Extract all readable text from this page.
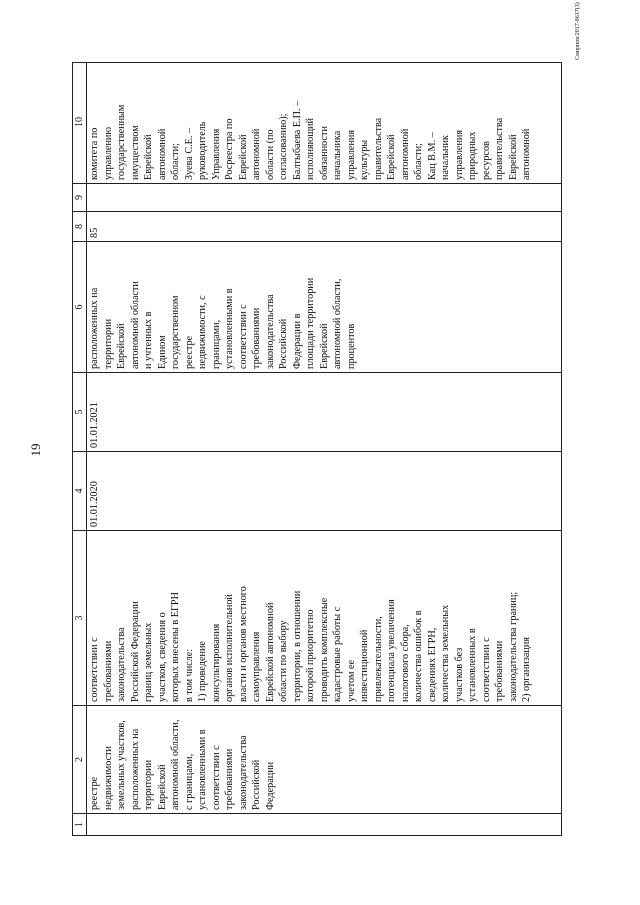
19
Смирнов/2017-8617(3)
1
2
3
4
5
6
8
9
10
реестре недвижимости земельных участков, расположенных на территории Еврейской автономной области, с границами, установленными в соответствии с требованиями законодательства Российской Федерации
соответствии с требованиями законодательства Российской Федерации границ земельных участков, сведения о которых внесены в ЕГРН в том числе: 1) проведение консультирования органов исполнительной власти и органов местного самоуправления Еврейской автономной области по выбору территории, в отношении которой приоритетно проводить комплексные кадастровые работы с учетом ее инвестиционной привлекательности, потенциала увеличения налогового сбора, количества ошибок в сведениях ЕГРН, количества земельных участков без установленных в соответствии с требованиями законодательства границ; 2) организация
01.01.2020
01.01.2021
расположенных на территории Еврейской автономной области и учтенных в Едином государственном реестре недвижимости, с границами, установленными в соответствии с требованиями законодательства Российской Федерации в площади территории Еврейской автономной области, процентов
85
комитета по управлению государственным имуществом Еврейской автономной области; Зуева С.Е. – руководитель Управления Росреестра по Еврейской автономной области (по согласованию); Балтыбаева Е.П. – исполняющий обязанности начальника управления культуры правительства Еврейской автономной области; Кац В.М. – начальник управления природных ресурсов правительства Еврейской автономной
